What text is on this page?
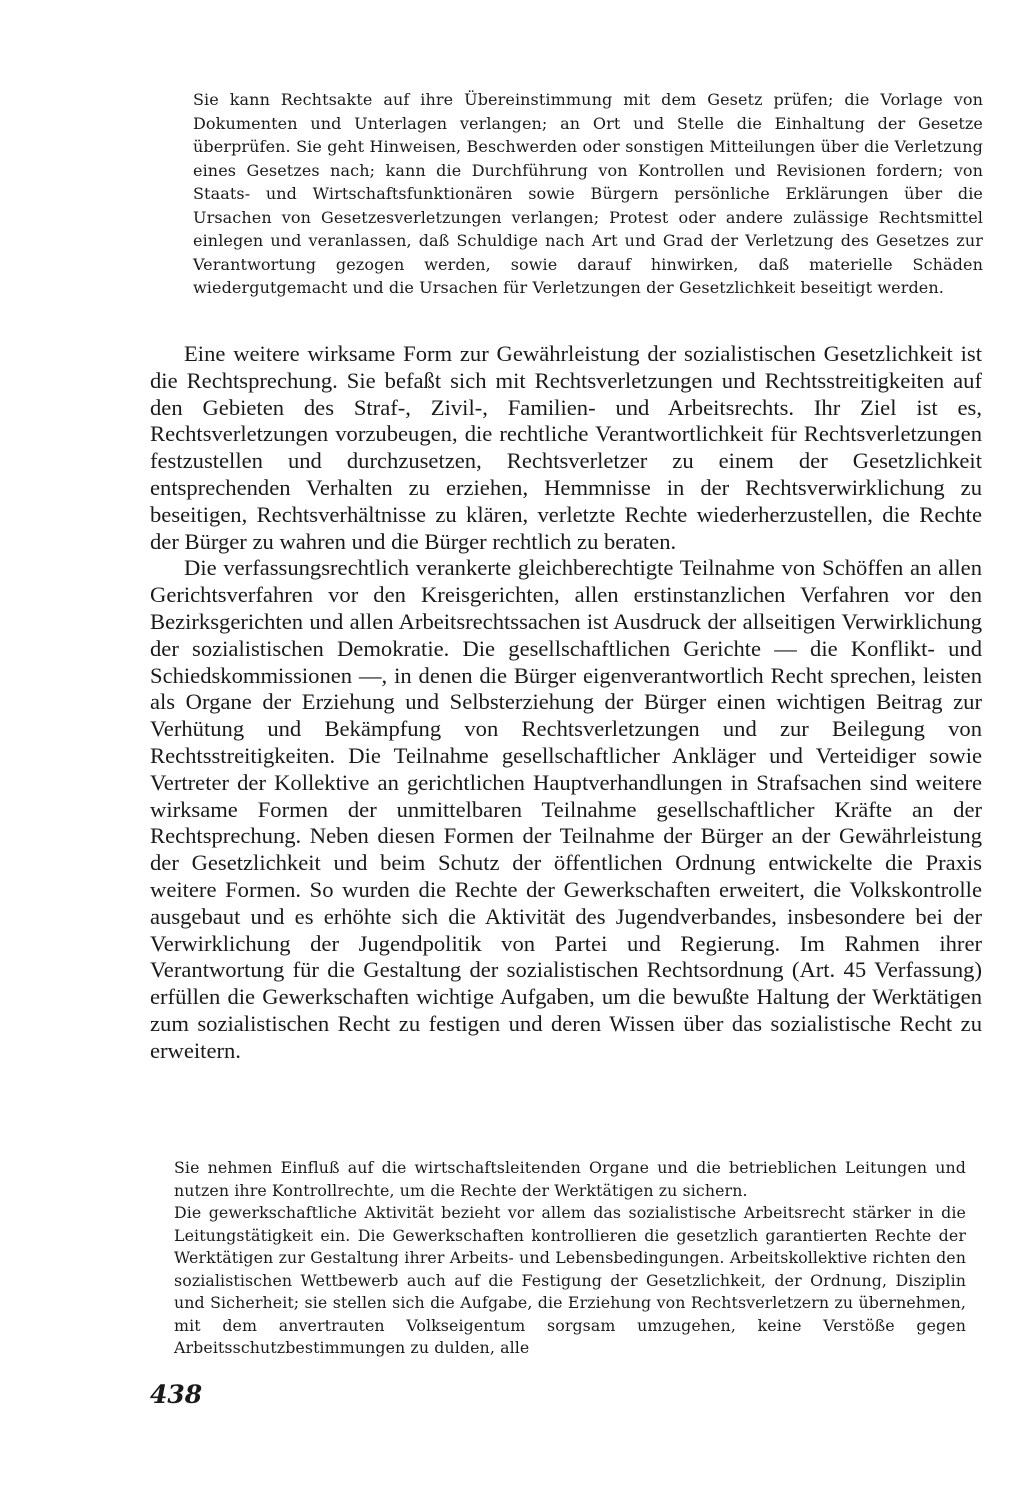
Sie kann Rechtsakte auf ihre Übereinstimmung mit dem Gesetz prüfen; die Vorlage von Dokumenten und Unterlagen verlangen; an Ort und Stelle die Einhaltung der Gesetze überprüfen. Sie geht Hinweisen, Beschwerden oder sonstigen Mitteilungen über die Verletzung eines Gesetzes nach; kann die Durchführung von Kontrollen und Revisionen fordern; von Staats- und Wirtschaftsfunktionären sowie Bürgern persönliche Erklärungen über die Ursachen von Gesetzesverletzungen verlangen; Protest oder andere zulässige Rechtsmittel einlegen und veranlassen, daß Schuldige nach Art und Grad der Verletzung des Gesetzes zur Verantwortung gezogen werden, sowie darauf hinwirken, daß materielle Schäden wiedergutgemacht und die Ursachen für Verletzungen der Gesetzlichkeit beseitigt werden.

Eine weitere wirksame Form zur Gewährleistung der sozialistischen Gesetzlichkeit ist die Rechtsprechung. Sie befaßt sich mit Rechtsverletzungen und Rechtsstreitigkeiten auf den Gebieten des Straf-, Zivil-, Familien- und Arbeitsrechts. Ihr Ziel ist es, Rechtsverletzungen vorzubeugen, die rechtliche Verantwortlichkeit für Rechtsverletzungen festzustellen und durchzusetzen, Rechtsverletzer zu einem der Gesetzlichkeit entsprechenden Verhalten zu erziehen, Hemmnisse in der Rechtsverwirklichung zu beseitigen, Rechtsverhältnisse zu klären, verletzte Rechte wiederherzustellen, die Rechte der Bürger zu wahren und die Bürger rechtlich zu beraten.

Die verfassungsrechtlich verankerte gleichberechtigte Teilnahme von Schöffen an allen Gerichtsverfahren vor den Kreisgerichten, allen erstinstanzlichen Verfahren vor den Bezirksgerichten und allen Arbeitsrechtssachen ist Ausdruck der allseitigen Verwirklichung der sozialistischen Demokratie. Die gesellschaftlichen Gerichte — die Konflikt- und Schiedskommissionen —, in denen die Bürger eigenverantwortlich Recht sprechen, leisten als Organe der Erziehung und Selbsterziehung der Bürger einen wichtigen Beitrag zur Verhütung und Bekämpfung von Rechtsverletzungen und zur Beilegung von Rechtsstreitigkeiten. Die Teilnahme gesellschaftlicher Ankläger und Verteidiger sowie Vertreter der Kollektive an gerichtlichen Hauptverhandlungen in Strafsachen sind weitere wirksame Formen der unmittelbaren Teilnahme gesellschaftlicher Kräfte an der Rechtsprechung. Neben diesen Formen der Teilnahme der Bürger an der Gewährleistung der Gesetzlichkeit und beim Schutz der öffentlichen Ordnung entwickelte die Praxis weitere Formen. So wurden die Rechte der Gewerkschaften erweitert, die Volkskontrolle ausgebaut und es erhöhte sich die Aktivität des Jugendverbandes, insbesondere bei der Verwirklichung der Jugendpolitik von Partei und Regierung. Im Rahmen ihrer Verantwortung für die Gestaltung der sozialistischen Rechtsordnung (Art. 45 Verfassung) erfüllen die Gewerkschaften wichtige Aufgaben, um die bewußte Haltung der Werktätigen zum sozialistischen Recht zu festigen und deren Wissen über das sozialistische Recht zu erweitern.

Sie nehmen Einfluß auf die wirtschaftsleitenden Organe und die betrieblichen Leitungen und nutzen ihre Kontrollrechte, um die Rechte der Werktätigen zu sichern.

Die gewerkschaftliche Aktivität bezieht vor allem das sozialistische Arbeitsrecht stärker in die Leitungstätigkeit ein. Die Gewerkschaften kontrollieren die gesetzlich garantierten Rechte der Werktätigen zur Gestaltung ihrer Arbeits- und Lebensbedingungen. Arbeitskollektive richten den sozialistischen Wettbewerb auch auf die Festigung der Gesetzlichkeit, der Ordnung, Disziplin und Sicherheit; sie stellen sich die Aufgabe, die Erziehung von Rechtsverletzern zu übernehmen, mit dem anvertrauten Volkseigentum sorgsam umzugehen, keine Verstöße gegen Arbeitsschutzbestimmungen zu dulden, alle

438
